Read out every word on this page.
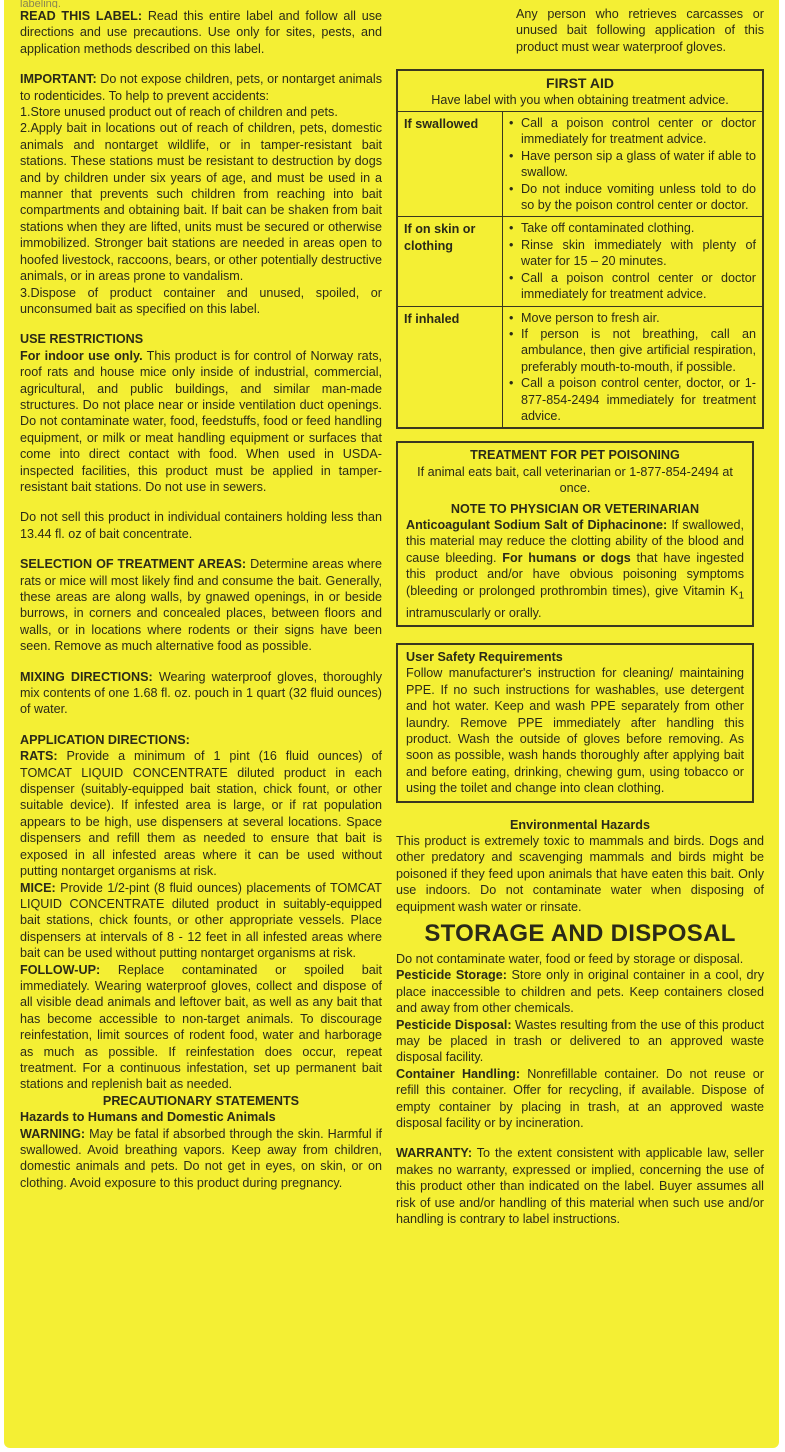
labeling.

READ THIS LABEL: Read this entire label and follow all use directions and use precautions. Use only for sites, pests, and application methods described on this label.

IMPORTANT: Do not expose children, pets, or nontarget animals to rodenticides. To help to prevent accidents:

1.Store unused product out of reach of children and pets.
2.Apply bait in locations out of reach of children, pets, domestic animals and nontarget wildlife, or in tamper-resistant bait stations. These stations must be resistant to destruction by dogs and by children under six years of age, and must be used in a manner that prevents such children from reaching into bait compartments and obtaining bait. If bait can be shaken from bait stations when they are lifted, units must be secured or otherwise immobilized. Stronger bait stations are needed in areas open to hoofed livestock, raccoons, bears, or other potentially destructive animals, or in areas prone to vandalism.
3.Dispose of product container and unused, spoiled, or unconsumed bait as specified on this label.
USE RESTRICTIONS

For indoor use only. This product is for control of Norway rats, roof rats and house mice only inside of industrial, commercial, agricultural, and public buildings, and similar man-made structures. Do not place near or inside ventilation duct openings. Do not contaminate water, food, feedstuffs, food or feed handling equipment, or milk or meat handling equipment or surfaces that come into direct contact with food. When used in USDA-inspected facilities, this product must be applied in tamper-resistant bait stations. Do not use in sewers.

Do not sell this product in individual containers holding less than 13.44 fl. oz of bait concentrate.

SELECTION OF TREATMENT AREAS: Determine areas where rats or mice will most likely find and consume the bait. Generally, these areas are along walls, by gnawed openings, in or beside burrows, in corners and concealed places, between floors and walls, or in locations where rodents or their signs have been seen. Remove as much alternative food as possible.

MIXING DIRECTIONS: Wearing waterproof gloves, thoroughly mix contents of one 1.68 fl. oz. pouch in 1 quart (32 fluid ounces) of water.

APPLICATION DIRECTIONS:

RATS: Provide a minimum of 1 pint (16 fluid ounces) of TOMCAT LIQUID CONCENTRATE diluted product in each dispenser (suitably-equipped bait station, chick fount, or other suitable device). If infested area is large, or if rat population appears to be high, use dispensers at several locations. Space dispensers and refill them as needed to ensure that bait is exposed in all infested areas where it can be used without putting nontarget organisms at risk.

MICE: Provide 1/2-pint (8 fluid ounces) placements of TOMCAT LIQUID CONCENTRATE diluted product in suitably-equipped bait stations, chick founts, or other appropriate vessels. Place dispensers at intervals of 8 - 12 feet in all infested areas where bait can be used without putting nontarget organisms at risk.

FOLLOW-UP: Replace contaminated or spoiled bait immediately. Wearing waterproof gloves, collect and dispose of all visible dead animals and leftover bait, as well as any bait that has become accessible to non-target animals. To discourage reinfestation, limit sources of rodent food, water and harborage as much as possible. If reinfestation does occur, repeat treatment. For a continuous infestation, set up permanent bait stations and replenish bait as needed.

PRECAUTIONARY STATEMENTS
Hazards to Humans and Domestic Animals

WARNING: May be fatal if absorbed through the skin. Harmful if swallowed. Avoid breathing vapors. Keep away from children, domestic animals and pets. Do not get in eyes, on skin, or on clothing. Avoid exposure to this product during pregnancy.

Any person who retrieves carcasses or unused bait following application of this product must wear waterproof gloves.

FIRST AID
Have label with you when obtaining treatment advice.
If swallowed	• Call a poison control center or doctor immediately for treatment advice.
• Have person sip a glass of water if able to swallow.
• Do not induce vomiting unless told to do so by the poison control center or doctor.
If on skin or clothing
• Take off contaminated clothing.
• Rinse skin immediately with plenty of water for 15 – 20 minutes.
• Call a poison control center or doctor immediately for treatment advice.
If inhaled	• Move person to fresh air.
• If person is not breathing, call an ambulance, then give artificial respiration, preferably mouth-to-mouth, if possible.
• Call a poison control center, doctor, or 1-877-854-2494 immediately for treatment advice.
TREATMENT FOR PET POISONING
If animal eats bait, call veterinarian or 1-877-854-2494 at once.
NOTE TO PHYSICIAN OR VETERINARIAN

Anticoagulant Sodium Salt of Diphacinone: If swallowed, this material may reduce the clotting ability of the blood and cause bleeding. For humans or dogs that have ingested this product and/or have obvious poisoning symptoms (bleeding or prolonged prothrombin times), give Vitamin $K_1$ intramuscularly or orally.

User Safety Requirements

Follow manufacturer's instruction for cleaning/ maintaining PPE. If no such instructions for washables, use detergent and hot water. Keep and wash PPE separately from other laundry. Remove PPE immediately after handling this product. Wash the outside of gloves before removing. As soon as possible, wash hands thoroughly after applying bait and before eating, drinking, chewing gum, using tobacco or using the toilet and change into clean clothing.

Environmental Hazards

This product is extremely toxic to mammals and birds. Dogs and other predatory and scavenging mammals and birds might be poisoned if they feed upon animals that have eaten this bait. Only use indoors. Do not contaminate water when disposing of equipment wash water or rinsate.

STORAGE AND DISPOSAL

Do not contaminate water, food or feed by storage or disposal.

Pesticide Storage: Store only in original container in a cool, dry place inaccessible to children and pets. Keep containers closed and away from other chemicals.

Pesticide Disposal: Wastes resulting from the use of this product may be placed in trash or delivered to an approved waste disposal facility.

Container Handling: Nonrefillable container. Do not reuse or refill this container. Offer for recycling, if available. Dispose of empty container by placing in trash, at an approved waste disposal facility or by incineration.

WARRANTY: To the extent consistent with applicable law, seller makes no warranty, expressed or implied, concerning the use of this product other than indicated on the label. Buyer assumes all risk of use and/or handling of this material when such use and/or handling is contrary to label instructions.
